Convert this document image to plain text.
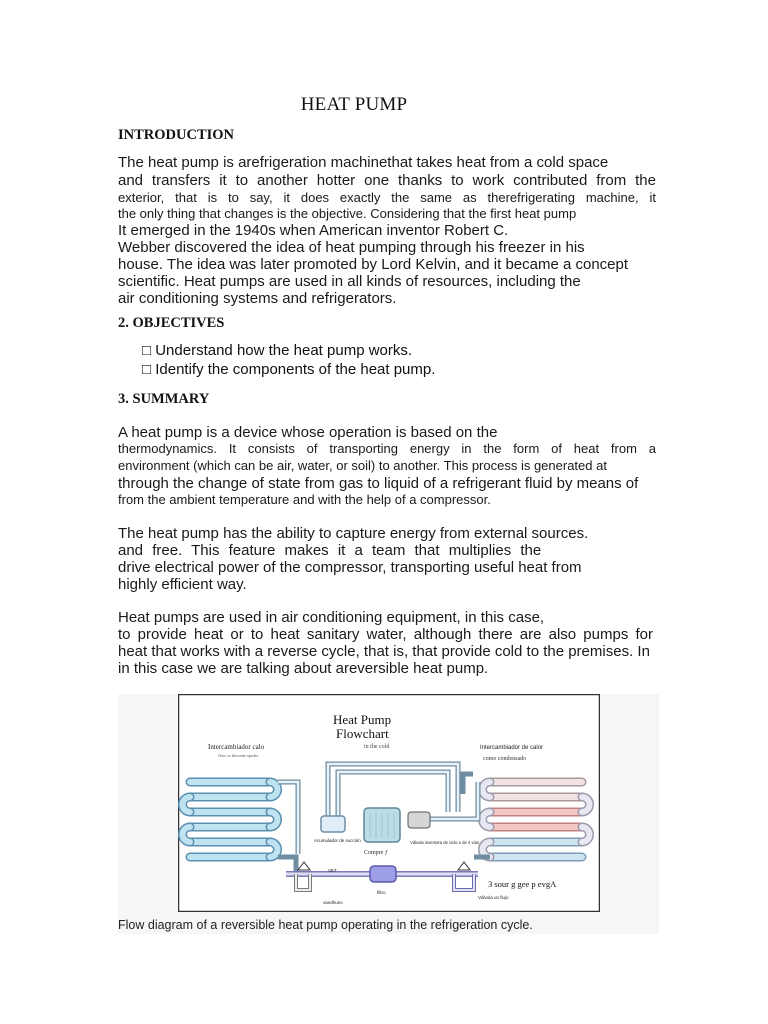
HEAT PUMP
INTRODUCTION
The heat pump is arefrigeration machinethat takes heat from a cold space
and transfers it to another hotter one thanks to work contributed from the
exterior, that is to say, it does exactly the same as therefrigerating machine, it
the only thing that changes is the objective. Considering that the first heat pump
It emerged in the 1940s when American inventor Robert C.
Webber discovered the idea of heat pumping through his freezer in his
house. The idea was later promoted by Lord Kelvin, and it became a concept
scientific. Heat pumps are used in all kinds of resources, including the
air conditioning systems and refrigerators.
2. OBJECTIVES
□ Understand how the heat pump works.
□ Identify the components of the heat pump.
3. SUMMARY
A heat pump is a device whose operation is based on the
thermodynamics. It consists of transporting energy in the form of heat from a
environment (which can be air, water, or soil) to another. This process is generated at
through the change of state from gas to liquid of a refrigerant fluid by means of
from the ambient temperature and with the help of a compressor.
The heat pump has the ability to capture energy from external sources.
and free. This feature makes it a team that multiplies the
drive electrical power of the compressor, transporting useful heat from
highly efficient way.
Heat pumps are used in air conditioning equipment, in this case,
to provide heat or to heat sanitary water, although there are also pumps for
heat that works with a reverse cycle, that is, that provide cold to the premises. In
in this case we are talking about areversible heat pump.
Heat Pump
Flowchart
in the cold
Intercambiador calo
flow to become spider
Intercambiador de calor
como condensado
Acumulador de succión
Compre ƒ
Válvula inversora de ciclo e de 4 vías
VET
filtro
vandhuno
Válvula un flujo
3 sour g gee p evgA
Flow diagram of a reversible heat pump operating in the refrigeration cycle.
